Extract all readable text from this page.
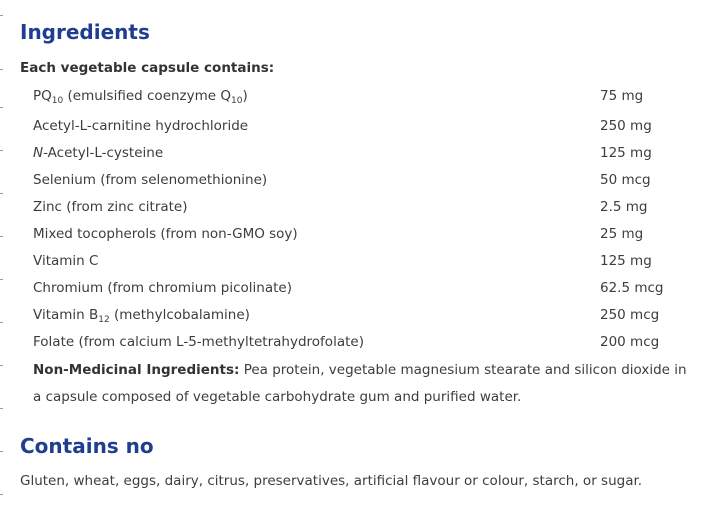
Ingredients
Each vegetable capsule contains:
$PQ_{10}$ (emulsified coenzyme $Q_{10}$)	75 mg
Acetyl-L-carnitine hydrochloride	250 mg
N-Acetyl-L-cysteine	125 mg
Selenium (from selenomethionine)	50 mcg
Zinc (from zinc citrate)	2.5 mg
Mixed tocopherols (from non-GMO soy)	25 mg
Vitamin C	125 mg
Chromium (from chromium picolinate)	62.5 mcg
Vitamin $B_{12}$ (methylcobalamine)	250 mcg
Folate (from calcium L-5-methyltetrahydrofolate)	200 mcg
Non-Medicinal Ingredients: Pea protein, vegetable magnesium stearate and silicon dioxide in a capsule composed of vegetable carbohydrate gum and purified water.
Contains no
Gluten, wheat, eggs, dairy, citrus, preservatives, artificial flavour or colour, starch, or sugar.
